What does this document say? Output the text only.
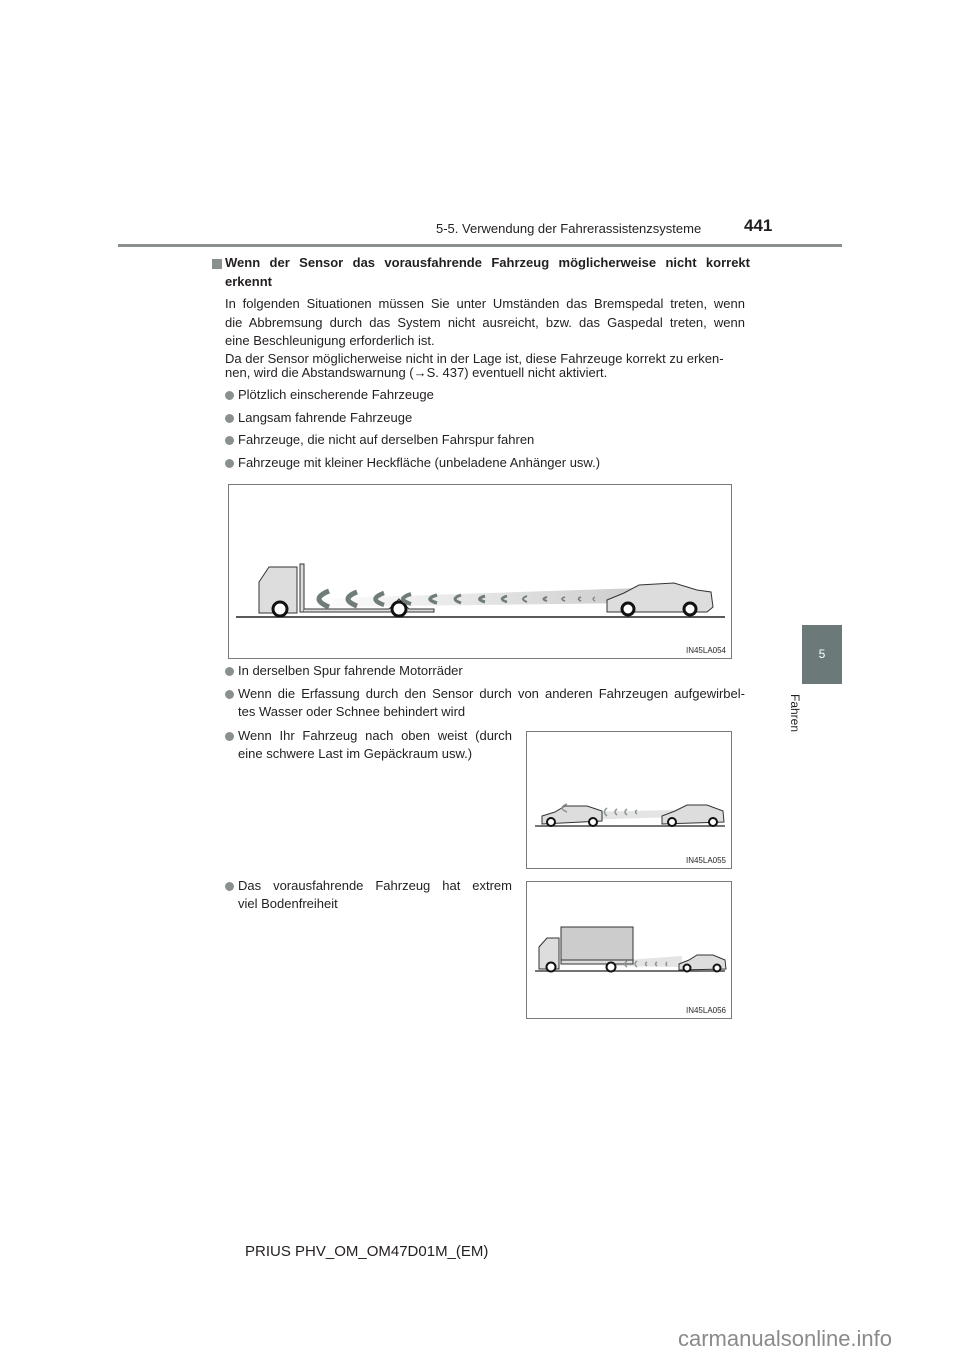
5-5. Verwendung der Fahrerassistenzsysteme	441
5
Fahren
Wenn der Sensor das vorausfahrende Fahrzeug möglicherweise nicht korrekt
erkennt
In folgenden Situationen müssen Sie unter Umständen das Bremspedal treten, wenn
die Abbremsung durch das System nicht ausreicht, bzw. das Gaspedal treten, wenn
eine Beschleunigung erforderlich ist.
Da der Sensor möglicherweise nicht in der Lage ist, diese Fahrzeuge korrekt zu erken-
nen, wird die Abstandswarnung (→S. 437) eventuell nicht aktiviert.
Plötzlich einscherende Fahrzeuge
Langsam fahrende Fahrzeuge
Fahrzeuge, die nicht auf derselben Fahrspur fahren
Fahrzeuge mit kleiner Heckfläche (unbeladene Anhänger usw.)
IN45LA054
In derselben Spur fahrende Motorräder
Wenn die Erfassung durch den Sensor durch von anderen Fahrzeugen aufgewirbel-
tes Wasser oder Schnee behindert wird
Wenn Ihr Fahrzeug nach oben weist (durch
eine schwere Last im Gepäckraum usw.)
IN45LA055
Das vorausfahrende Fahrzeug hat extrem
viel Bodenfreiheit
IN45LA056
PRIUS PHV_OM_OM47D01M_(EM)
carmanualsonline.info
